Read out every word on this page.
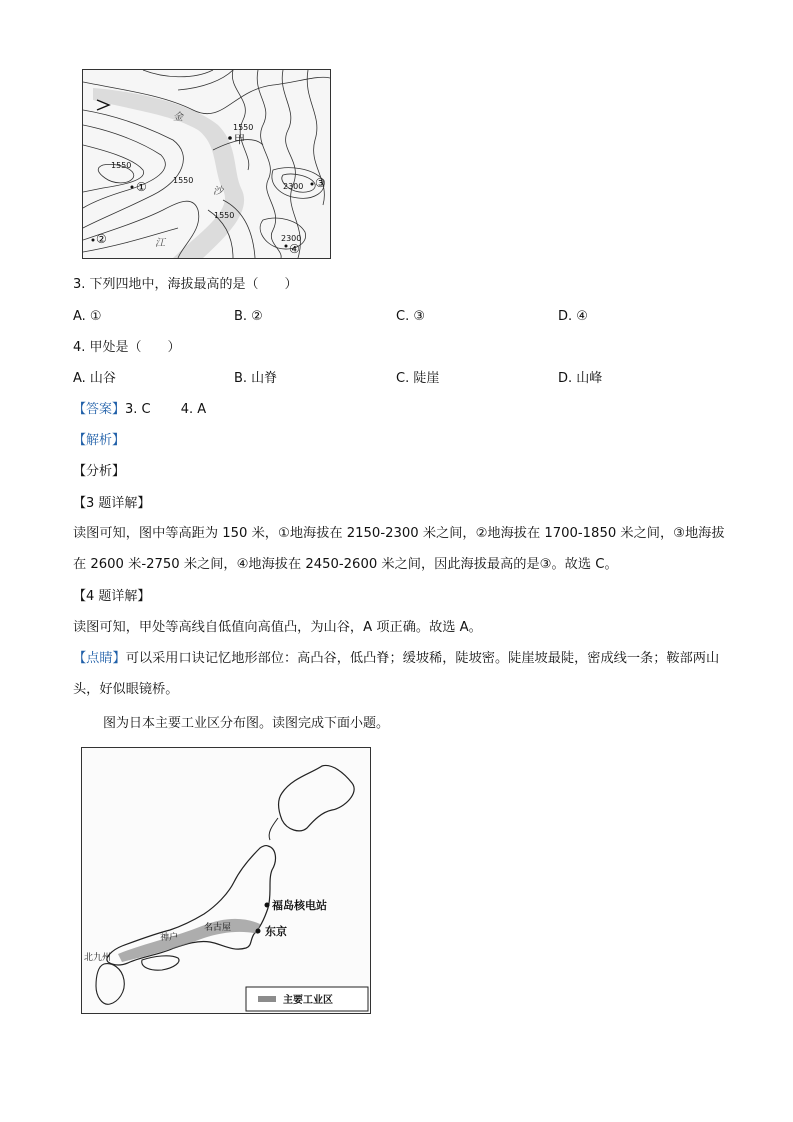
1550
1550
1550
1550
2300
2300
金
沙
江
甲
①
②
③
④
3. 下列四地中，海拔最高的是（　　）
A. ①	B. ②	C. ③	D. ④
4. 甲处是（　　）
A. 山谷	B. 山脊	C. 陡崖	D. 山峰
【答案】3. C　　 4. A
【解析】
【分析】
【3 题详解】
读图可知，图中等高距为 150 米，①地海拔在 2150-2300 米之间，②地海拔在 1700-1850 米之间，③地海拔在 2600 米-2750 米之间，④地海拔在 2450-2600 米之间，因此海拔最高的是③。故选 C。
【4 题详解】
读图可知，甲处等高线自低值向高值凸，为山谷，A 项正确。故选 A。
【点睛】可以采用口诀记忆地形部位：高凸谷，低凸脊；缓坡稀，陡坡密。陡崖坡最陡，密成线一条；鞍部两山头，好似眼镜桥。
图为日本主要工业区分布图。读图完成下面小题。
福岛核电站
东京
名古屋
神户
北九州
主要工业区
